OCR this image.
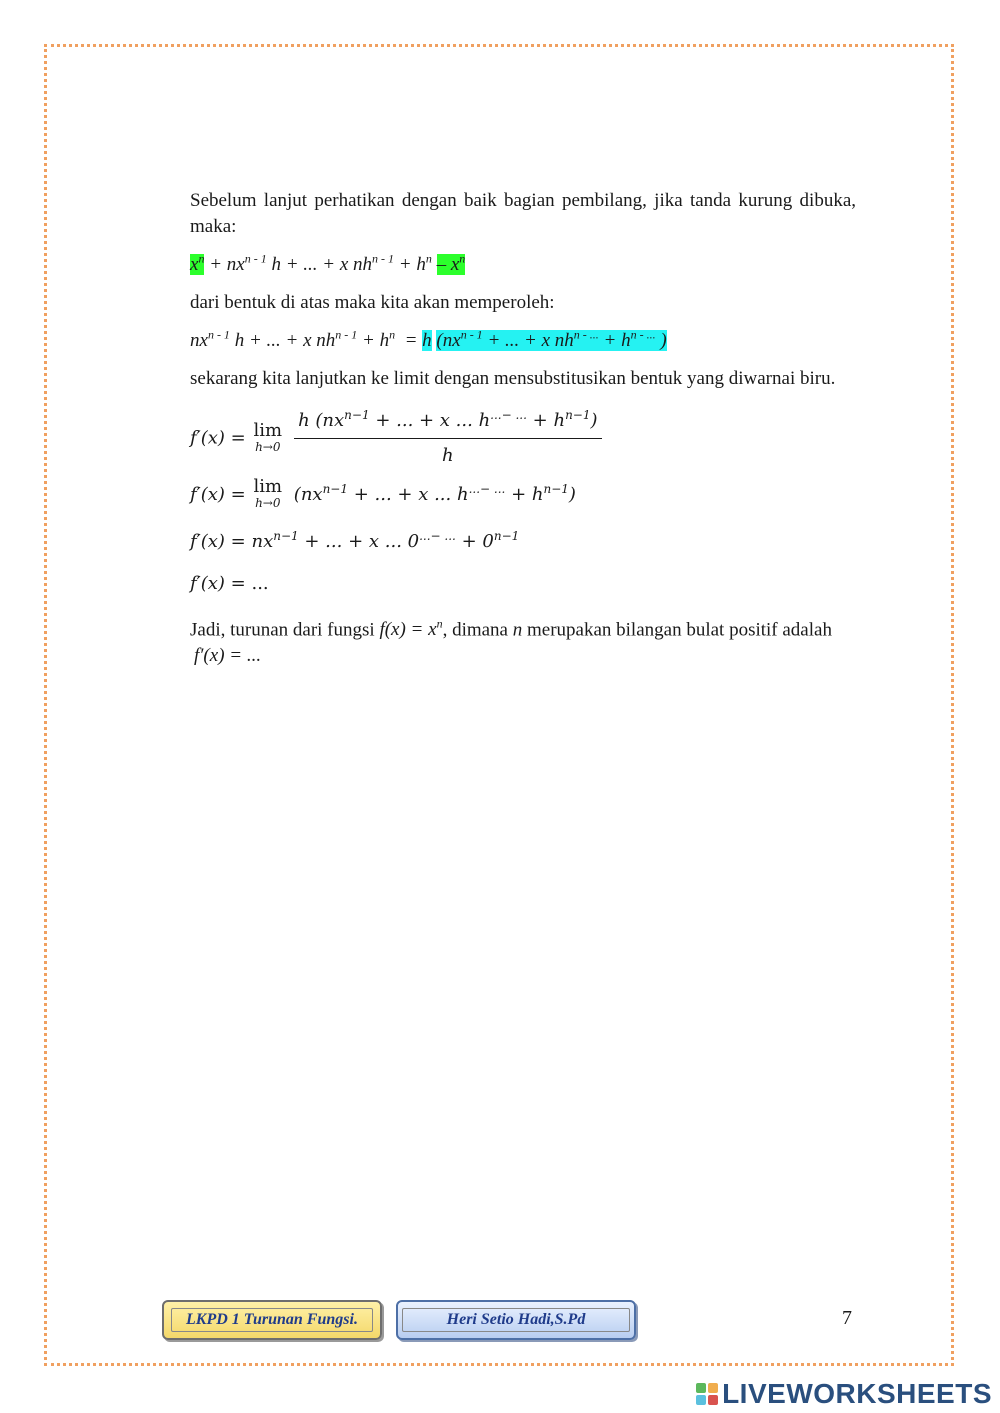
Sebelum lanjut perhatikan dengan baik bagian pembilang, jika tanda kurung dibuka, maka:

$x^n + nx^{n - 1}$ h + ... + x $nh^{n - 1} + h^n - x^n$

dari bentuk di atas maka kita akan memperoleh:

$nx^{n - 1}$ h + ... + x $nh^{n - 1} + h^n = h$ ($nx^{n - 1}$ + ... + x $nh^{n - ...} + h^{n - ...}$ )

sekarang kita lanjutkan ke limit dengan mensubstitusikan bentuk yang diwarnai biru.

f′(x) = lim
$h\to 0 \frac{h (nx^{n-1} + ... + x ... h^{...- ...} + h^{n-1})}{h}$
f′(x) = lim
h→0 ($nx^{n-1}$ + ... + x ... $h^{...- ...} + h^{n-1}$)
$f'(x) = nx^{n-1}$ + ... + x ... $0^{...- ...} + 0^{n-1}$
f′(x) = ...

Jadi, turunan dari fungsi $f(x) = x^n$, dimana n merupakan bilangan bulat positif adalah
f′(x) = ...

LKPD 1 Turunan Fungsi.	Heri Setio Hadi,S.Pd	7
LIVEWORKSHEETS
